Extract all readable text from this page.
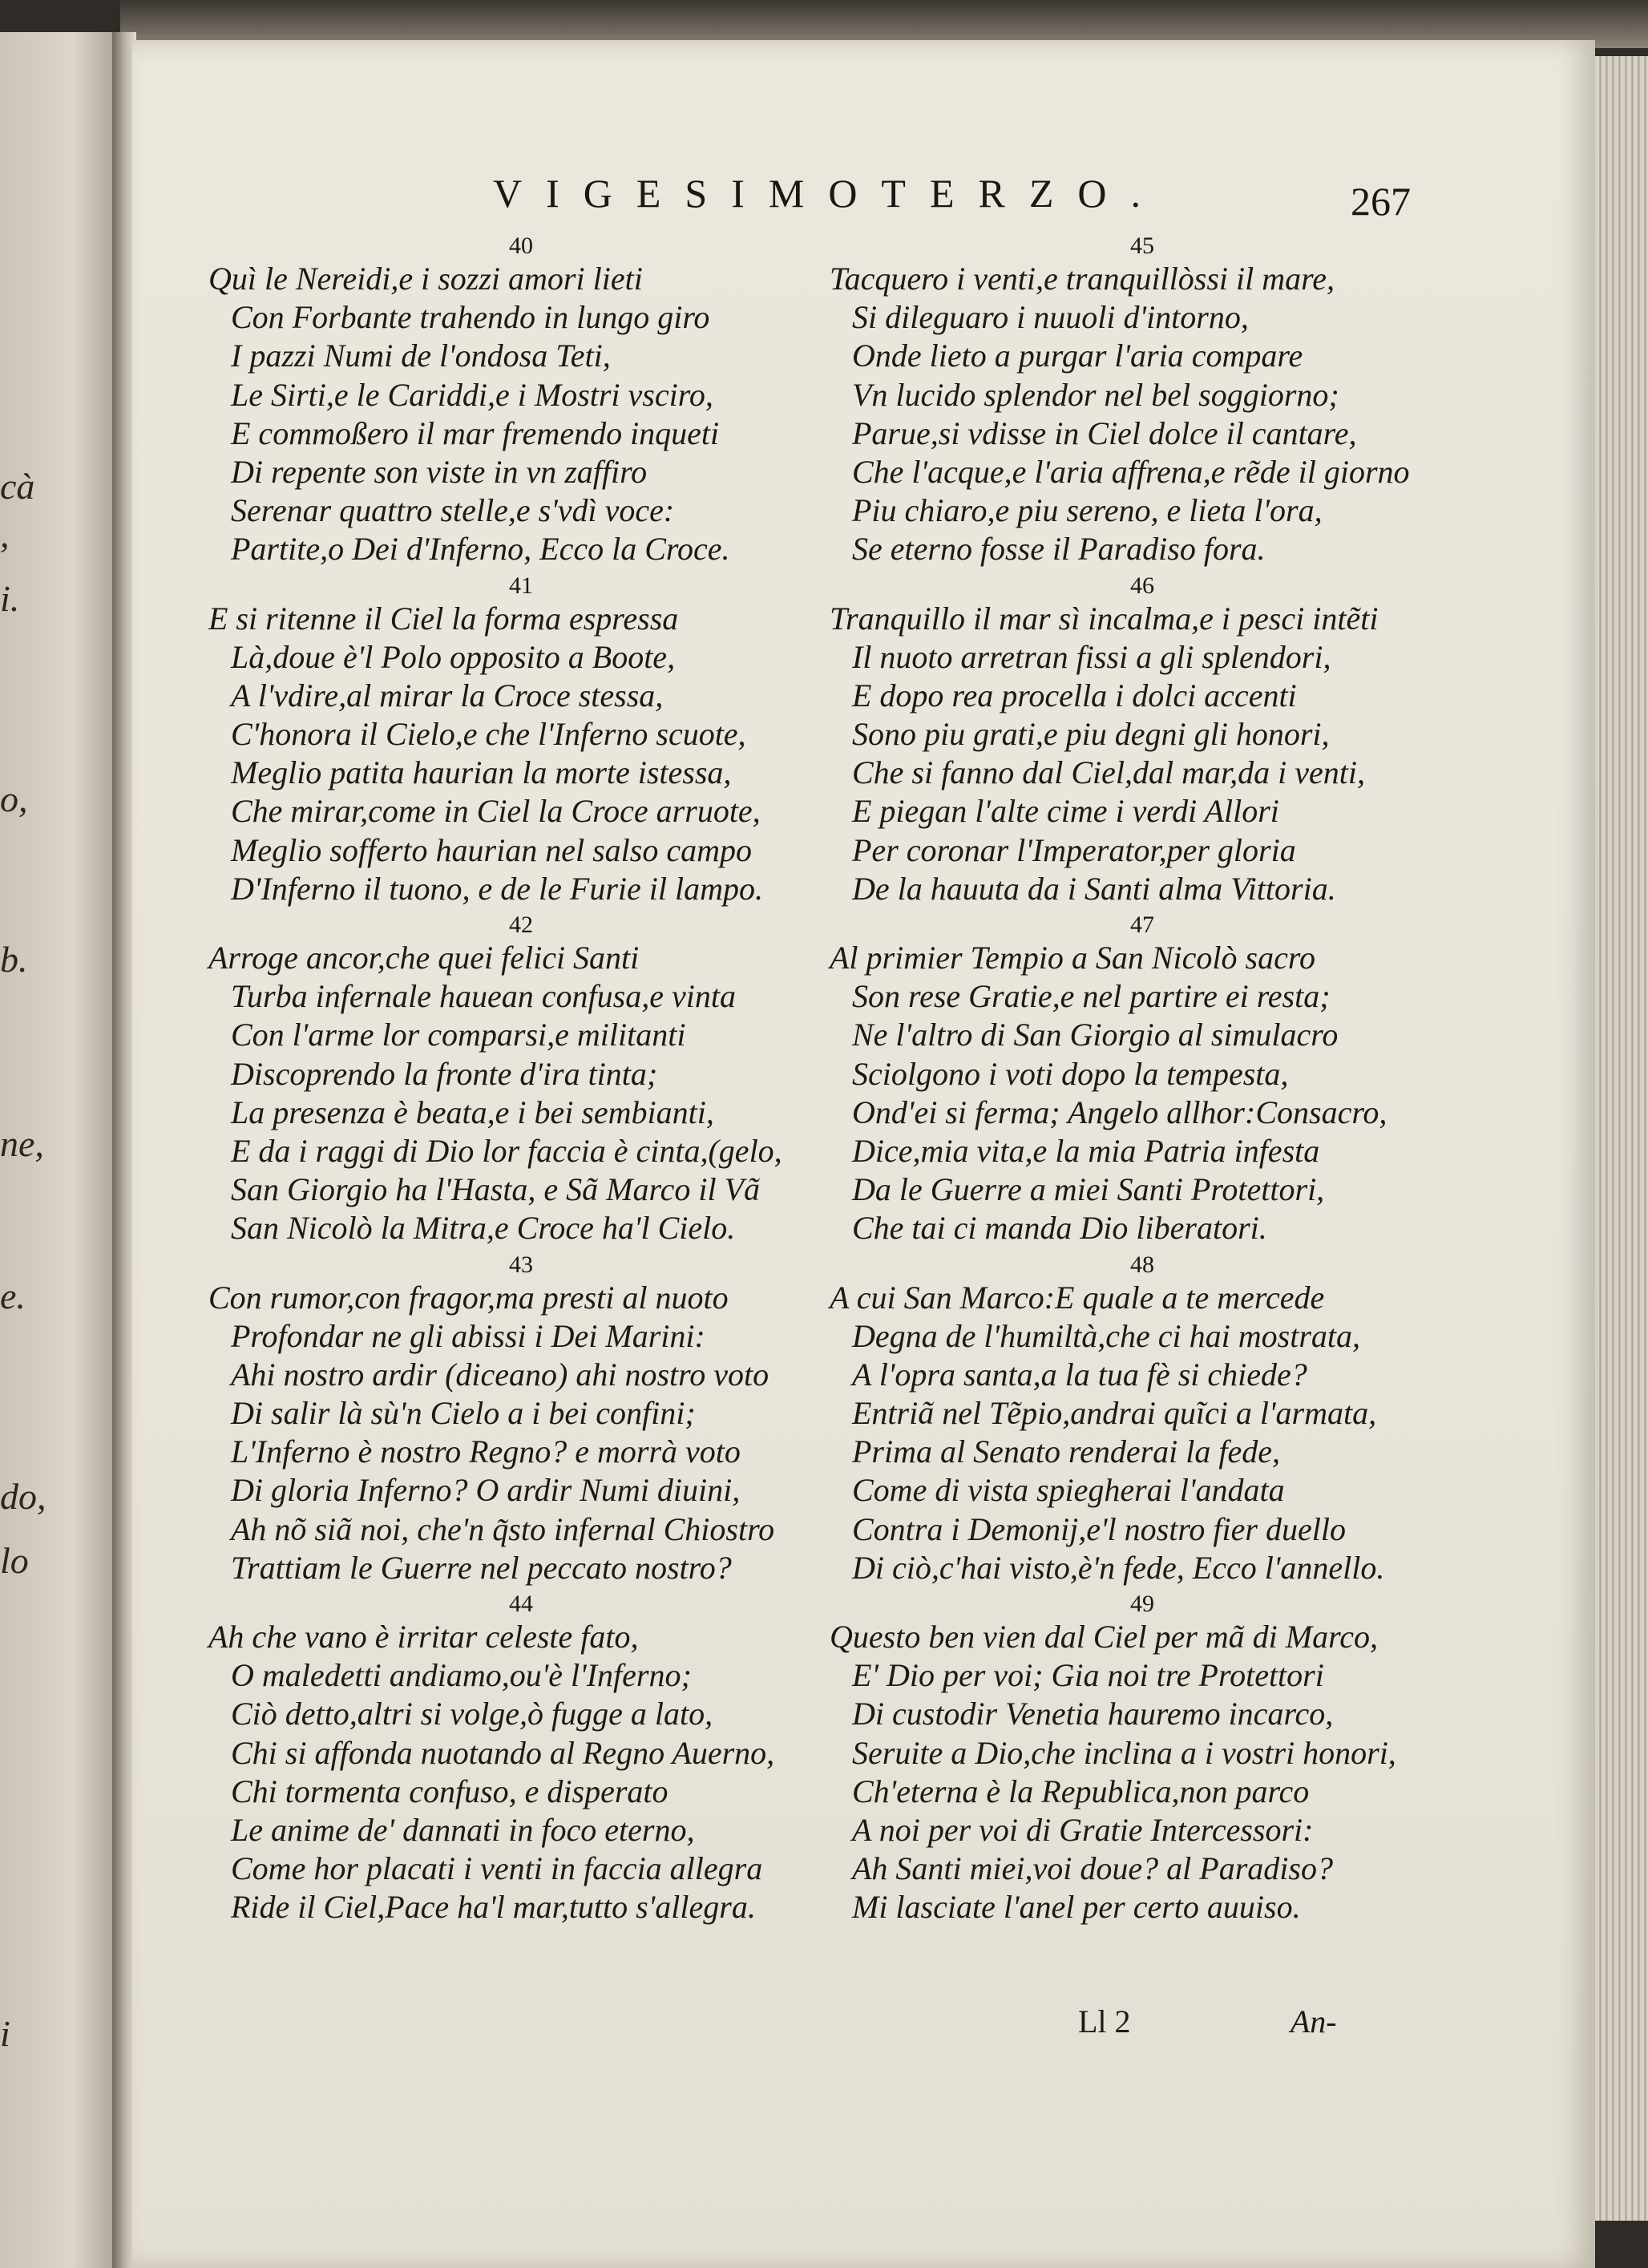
cà
,
i.
o,
b.
ne,
e.
do,
lo
i
VIGESIMOTERZO.	267
40
Quì le Nereidi,e i sozzi amori lieti
Con Forbante trahendo in lungo giro
I pazzi Numi de l'ondosa Teti,
Le Sirti,e le Cariddi,e i Mostri vsciro,
E commoßero il mar fremendo inqueti
Di repente son viste in vn zaffiro
Serenar quattro stelle,e s'vdì voce:
Partite,o Dei d'Inferno, Ecco la Croce.
41
E si ritenne il Ciel la forma espressa
Là,doue è'l Polo opposito a Boote,
A l'vdire,al mirar la Croce stessa,
C'honora il Cielo,e che l'Inferno scuote,
Meglio patita haurian la morte istessa,
Che mirar,come in Ciel la Croce arruote,
Meglio sofferto haurian nel salso campo
D'Inferno il tuono, e de le Furie il lampo.
42
Arroge ancor,che quei felici Santi
Turba infernale hauean confusa,e vinta
Con l'arme lor comparsi,e militanti
Discoprendo la fronte d'ira tinta;
La presenza è beata,e i bei sembianti,
E da i raggi di Dio lor faccia è cinta,(gelo,
San Giorgio ha l'Hasta, e Sã Marco il Vã
San Nicolò la Mitra,e Croce ha'l Cielo.
43
Con rumor,con fragor,ma presti al nuoto
Profondar ne gli abissi i Dei Marini:
Ahi nostro ardir (diceano) ahi nostro voto
Di salir là sù'n Cielo a i bei confini;
L'Inferno è nostro Regno? e morrà voto
Di gloria Inferno? O ardir Numi diuini,
Ah nõ siã noi, che'n q̃sto infernal Chiostro
Trattiam le Guerre nel peccato nostro?
44
Ah che vano è irritar celeste fato,
O maledetti andiamo,ou'è l'Inferno;
Ciò detto,altri si volge,ò fugge a lato,
Chi si affonda nuotando al Regno Auerno,
Chi tormenta confuso, e disperato
Le anime de' dannati in foco eterno,
Come hor placati i venti in faccia allegra
Ride il Ciel,Pace ha'l mar,tutto s'allegra.
45
Tacquero i venti,e tranquillòssi il mare,
Si dileguaro i nuuoli d'intorno,
Onde lieto a purgar l'aria compare
Vn lucido splendor nel bel soggiorno;
Parue,si vdisse in Ciel dolce il cantare,
Che l'acque,e l'aria affrena,e rẽde il giorno
Piu chiaro,e piu sereno, e lieta l'ora,
Se eterno fosse il Paradiso fora.
46
Tranquillo il mar sì incalma,e i pesci intẽti
Il nuoto arretran fissi a gli splendori,
E dopo rea procella i dolci accenti
Sono piu grati,e piu degni gli honori,
Che si fanno dal Ciel,dal mar,da i venti,
E piegan l'alte cime i verdi Allori
Per coronar l'Imperator,per gloria
De la hauuta da i Santi alma Vittoria.
47
Al primier Tempio a San Nicolò sacro
Son rese Gratie,e nel partire ei resta;
Ne l'altro di San Giorgio al simulacro
Sciolgono i voti dopo la tempesta,
Ond'ei si ferma; Angelo allhor:Consacro,
Dice,mia vita,e la mia Patria infesta
Da le Guerre a miei Santi Protettori,
Che tai ci manda Dio liberatori.
48
A cui San Marco:E quale a te mercede
Degna de l'humiltà,che ci hai mostrata,
A l'opra santa,a la tua fè si chiede?
Entriã nel Tẽpio,andrai quĩci a l'armata,
Prima al Senato renderai la fede,
Come di vista spiegherai l'andata
Contra i Demonij,e'l nostro fier duello
Di ciò,c'hai visto,è'n fede, Ecco l'annello.
49
Questo ben vien dal Ciel per mã di Marco,
E' Dio per voi; Gia noi tre Protettori
Di custodir Venetia hauremo incarco,
Seruite a Dio,che inclina a i vostri honori,
Ch'eterna è la Republica,non parco
A noi per voi di Gratie Intercessori:
Ah Santi miei,voi doue? al Paradiso?
Mi lasciate l'anel per certo auuiso.
Ll 2	An-
